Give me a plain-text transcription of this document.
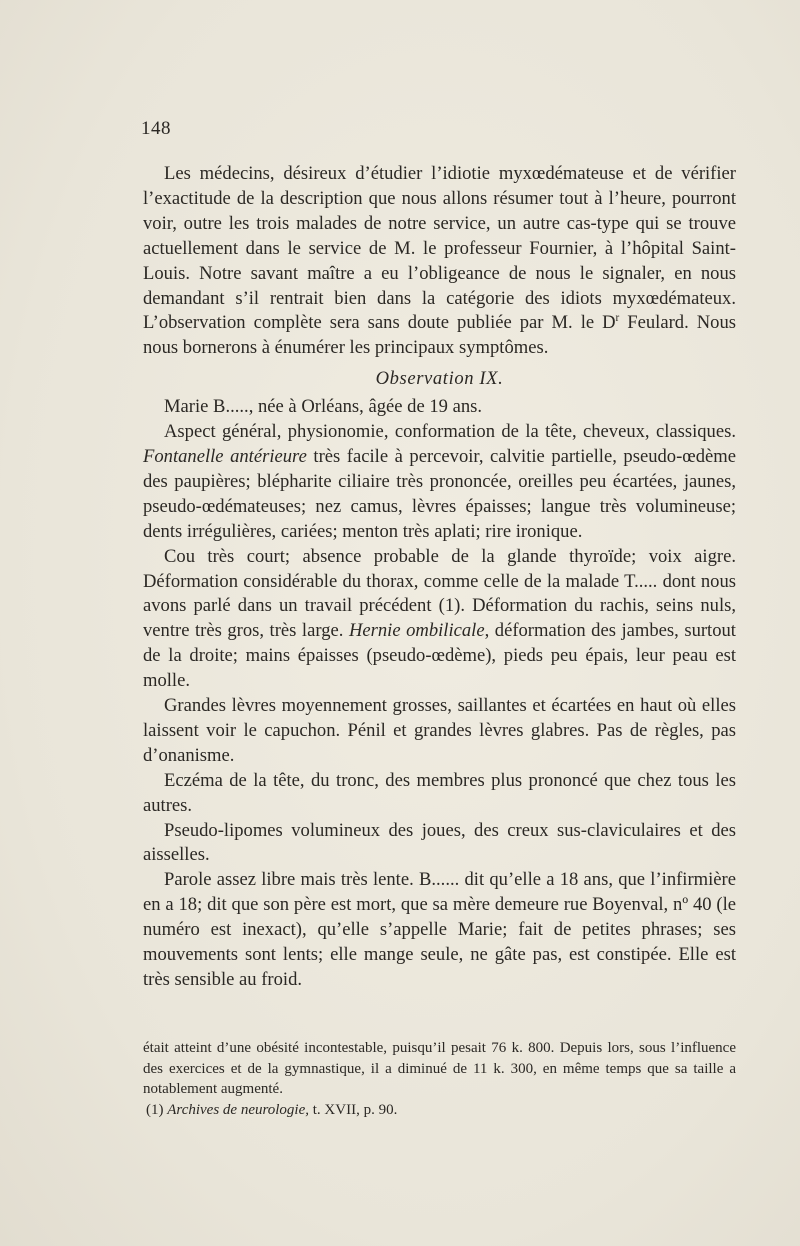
148

Les médecins, désireux d’étudier l’idiotie myxœdémateuse et de vérifier l’exactitude de la description que nous allons résumer tout à l’heure, pourront voir, outre les trois malades de notre service, un autre cas-type qui se trouve actuellement dans le service de M. le professeur Fournier, à l’hôpital Saint-Louis. Notre savant maître a eu l’obligeance de nous le signaler, en nous demandant s’il rentrait bien dans la catégorie des idiots myxœdémateux. L’observation complète sera sans doute publiée par M. le $D^r$ Feulard. Nous nous bornerons à énumérer les principaux symptômes.

Observation IX.

Marie B....., née à Orléans, âgée de 19 ans.

Aspect général, physionomie, conformation de la tête, cheveux, classiques. Fontanelle antérieure très facile à percevoir, calvitie partielle, pseudo-œdème des paupières; blépharite ciliaire très prononcée, oreilles peu écartées, jaunes, pseudo-œdémateuses; nez camus, lèvres épaisses; langue très volumineuse; dents irrégulières, cariées; menton très aplati; rire ironique.

Cou très court; absence probable de la glande thyroïde; voix aigre. Déformation considérable du thorax, comme celle de la malade T..... dont nous avons parlé dans un travail précédent (1). Déformation du rachis, seins nuls, ventre très gros, très large. Hernie ombilicale, déformation des jambes, surtout de la droite; mains épaisses (pseudo-œdème), pieds peu épais, leur peau est molle.

Grandes lèvres moyennement grosses, saillantes et écartées en haut où elles laissent voir le capuchon. Pénil et grandes lèvres glabres. Pas de règles, pas d’onanisme.

Eczéma de la tête, du tronc, des membres plus prononcé que chez tous les autres.

Pseudo-lipomes volumineux des joues, des creux sus-claviculaires et des aisselles.

Parole assez libre mais très lente. B...... dit qu’elle a 18 ans, que l’infirmière en a 18; dit que son père est mort, que sa mère demeure rue Boyenval, nº 40 (le numéro est inexact), qu’elle s’appelle Marie; fait de petites phrases; ses mouvements sont lents; elle mange seule, ne gâte pas, est constipée. Elle est très sensible au froid.

était atteint d’une obésité incontestable, puisqu’il pesait 76 k. 800. Depuis lors, sous l’influence des exercices et de la gymnastique, il a diminué de 11 k. 300, en même temps que sa taille a notablement augmenté.

(1) Archives de neurologie, t. XVII, p. 90.
